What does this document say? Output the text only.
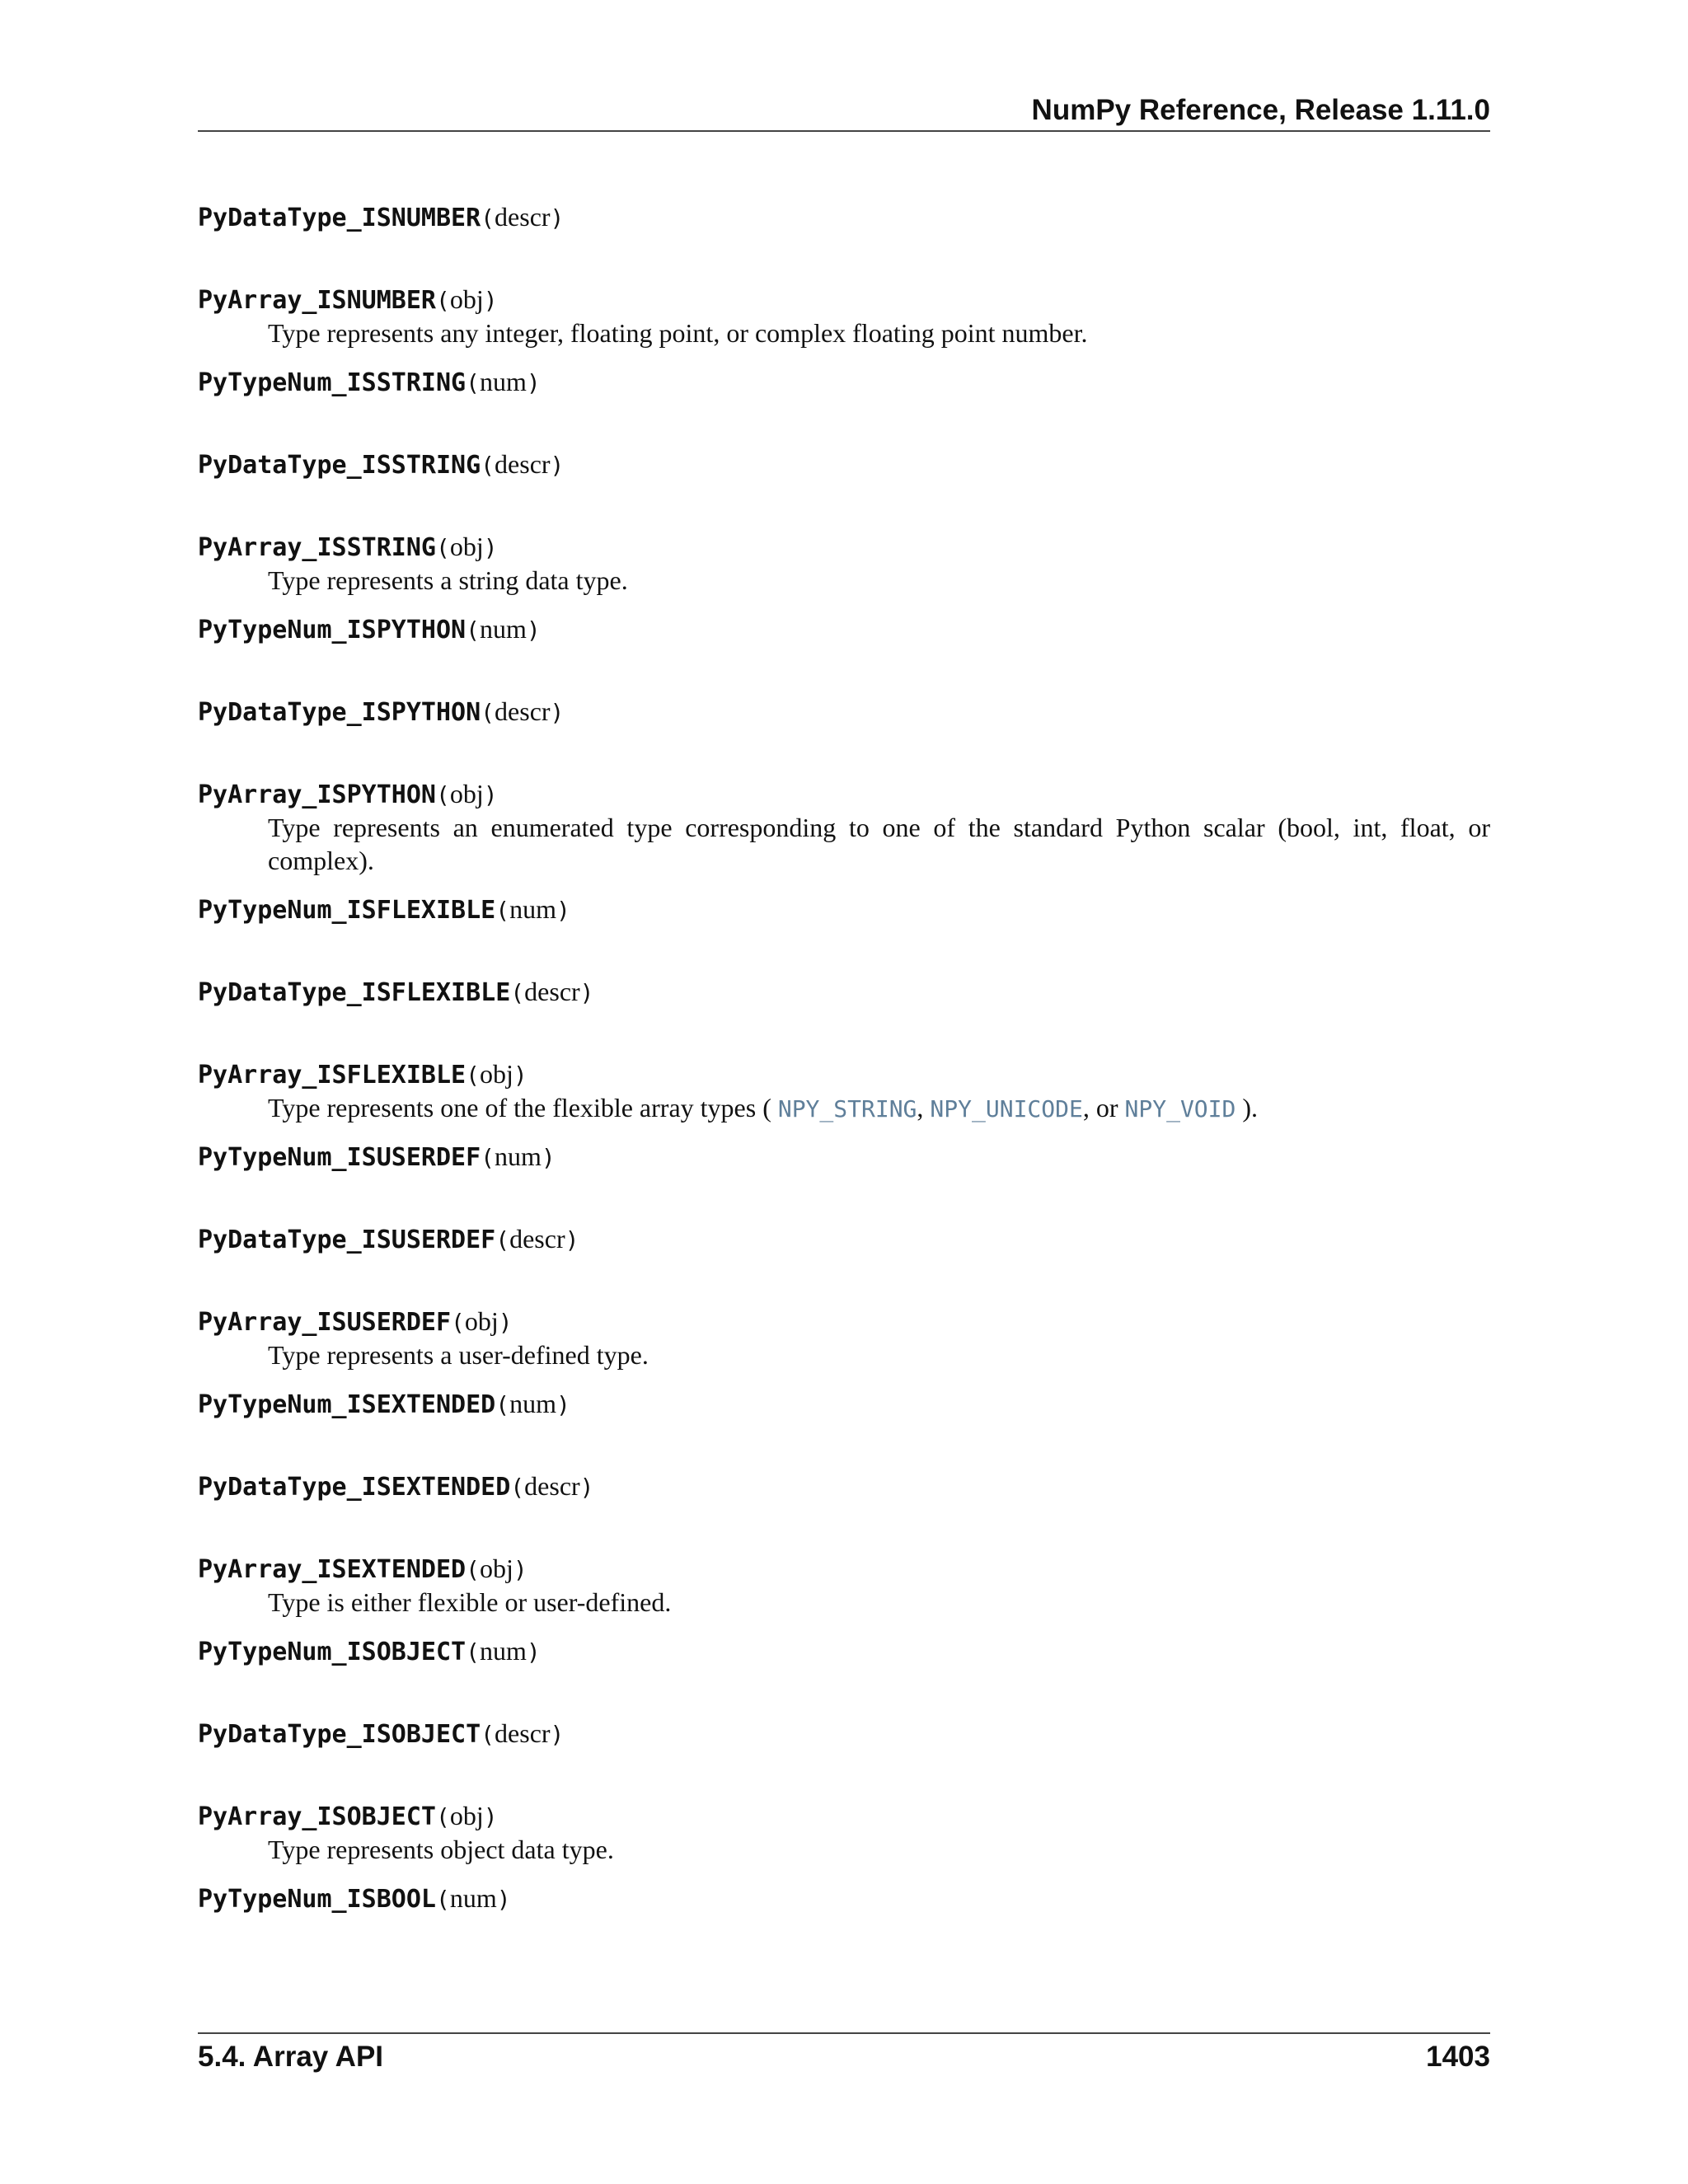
NumPy Reference, Release 1.11.0
PyDataType_ISNUMBER(descr)
PyArray_ISNUMBER(obj)
Type represents any integer, floating point, or complex floating point number.
PyTypeNum_ISSTRING(num)
PyDataType_ISSTRING(descr)
PyArray_ISSTRING(obj)
Type represents a string data type.
PyTypeNum_ISPYTHON(num)
PyDataType_ISPYTHON(descr)
PyArray_ISPYTHON(obj)
Type represents an enumerated type corresponding to one of the standard Python scalar (bool, int, float, or complex).
PyTypeNum_ISFLEXIBLE(num)
PyDataType_ISFLEXIBLE(descr)
PyArray_ISFLEXIBLE(obj)
Type represents one of the flexible array types ( NPY_STRING, NPY_UNICODE, or NPY_VOID ).
PyTypeNum_ISUSERDEF(num)
PyDataType_ISUSERDEF(descr)
PyArray_ISUSERDEF(obj)
Type represents a user-defined type.
PyTypeNum_ISEXTENDED(num)
PyDataType_ISEXTENDED(descr)
PyArray_ISEXTENDED(obj)
Type is either flexible or user-defined.
PyTypeNum_ISOBJECT(num)
PyDataType_ISOBJECT(descr)
PyArray_ISOBJECT(obj)
Type represents object data type.
PyTypeNum_ISBOOL(num)
5.4. Array API	1403
